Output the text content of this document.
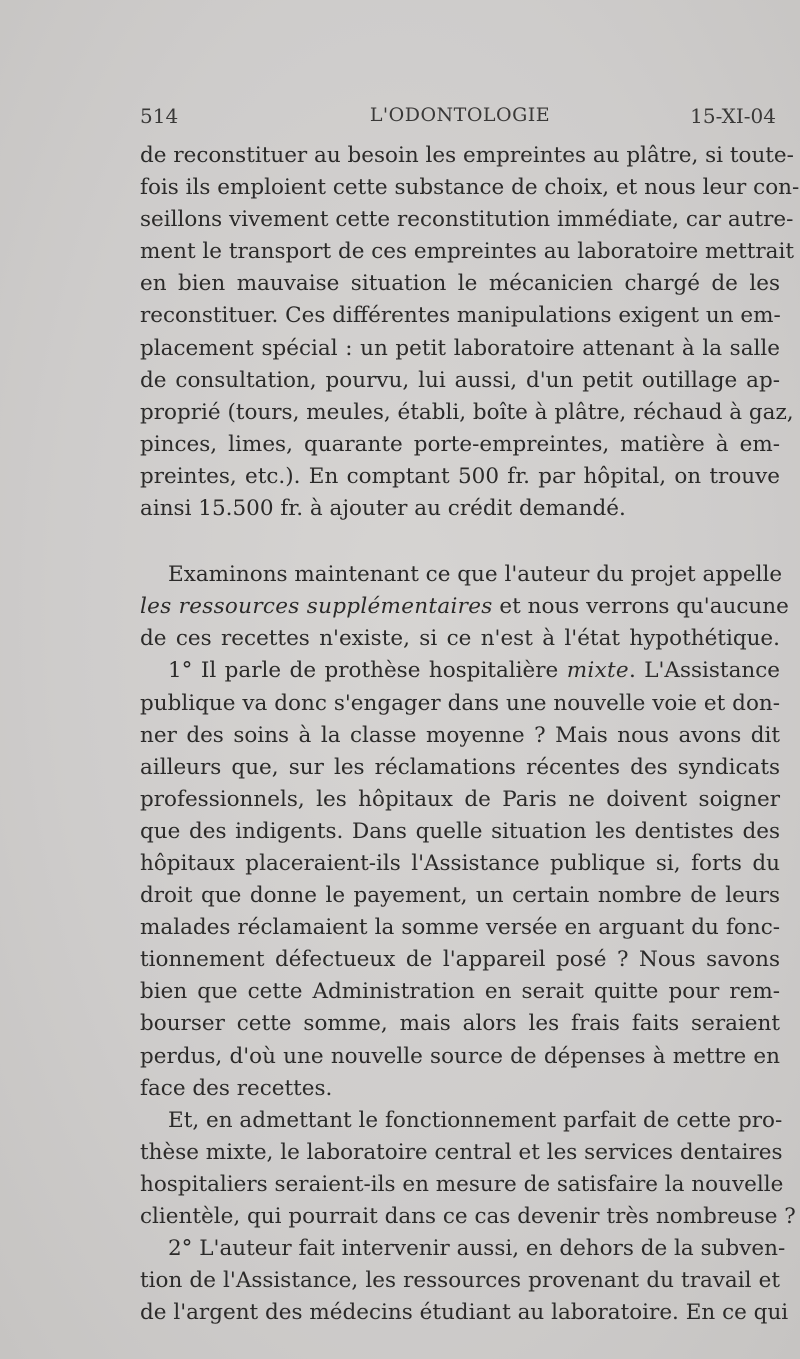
514	L'ODONTOLOGIE	15-XI-04
de reconstituer au besoin les empreintes au plâtre, si toute-
fois ils emploient cette substance de choix, et nous leur con-
seillons vivement cette reconstitution immédiate, car autre-
ment le transport de ces empreintes au laboratoire mettrait
en bien mauvaise situation le mécanicien chargé de les
reconstituer. Ces différentes manipulations exigent un em-
placement spécial : un petit laboratoire attenant à la salle
de consultation, pourvu, lui aussi, d'un petit outillage ap-
proprié (tours, meules, établi, boîte à plâtre, réchaud à gaz,
pinces, limes, quarante porte-empreintes, matière à em-
preintes, etc.). En comptant 500 fr. par hôpital, on trouve
ainsi 15.500 fr. à ajouter au crédit demandé.
Examinons maintenant ce que l'auteur du projet appelle
les ressources supplémentaires et nous verrons qu'aucune
de ces recettes n'existe, si ce n'est à l'état hypothétique.
1° Il parle de prothèse hospitalière mixte. L'Assistance
publique va donc s'engager dans une nouvelle voie et don-
ner des soins à la classe moyenne ? Mais nous avons dit
ailleurs que, sur les réclamations récentes des syndicats
professionnels, les hôpitaux de Paris ne doivent soigner
que des indigents. Dans quelle situation les dentistes des
hôpitaux placeraient-ils l'Assistance publique si, forts du
droit que donne le payement, un certain nombre de leurs
malades réclamaient la somme versée en arguant du fonc-
tionnement défectueux de l'appareil posé ? Nous savons
bien que cette Administration en serait quitte pour rem-
bourser cette somme, mais alors les frais faits seraient
perdus, d'où une nouvelle source de dépenses à mettre en
face des recettes.
Et, en admettant le fonctionnement parfait de cette pro-
thèse mixte, le laboratoire central et les services dentaires
hospitaliers seraient-ils en mesure de satisfaire la nouvelle
clientèle, qui pourrait dans ce cas devenir très nombreuse ?
2° L'auteur fait intervenir aussi, en dehors de la subven-
tion de l'Assistance, les ressources provenant du travail et
de l'argent des médecins étudiant au laboratoire. En ce qui
